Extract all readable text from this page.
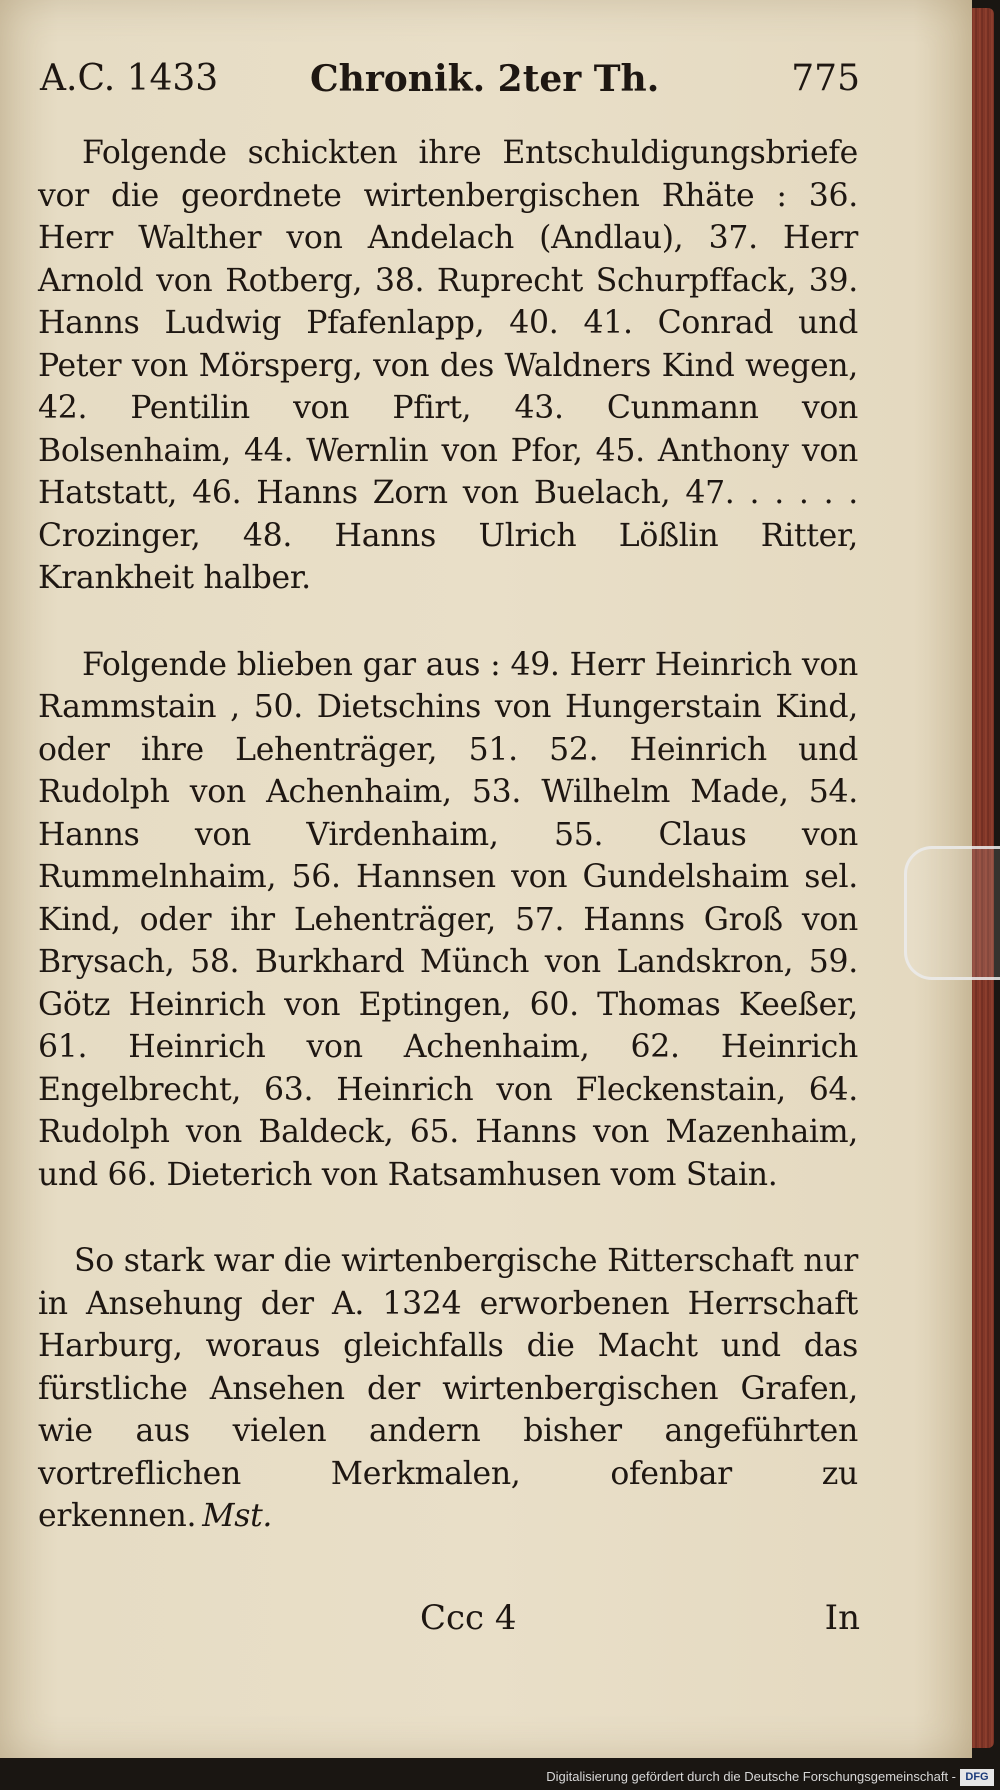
A.C. 1433	Chronik. 2ter Th.	775

Folgende schickten ihre Entschuldigungsbriefe vor die geordnete wirtenbergischen Rhäte : 36. Herr Walther von Andelach (Andlau), 37. Herr Arnold von Rotberg, 38. Ruprecht Schurpffack, 39. Hanns Ludwig Pfafenlapp, 40. 41. Conrad und Peter von Mörsperg, von des Waldners Kind wegen, 42. Pentilin von Pfirt, 43. Cunmann von Bolsenhaim, 44. Wernlin von Pfor, 45. Anthony von Hatstatt, 46. Hanns Zorn von Buelach, 47. . . . . . Crozinger, 48. Hanns Ulrich Lößlin Ritter, Krankheit halber.

Folgende blieben gar aus : 49. Herr Heinrich von Rammstain , 50. Dietschins von Hungerstain Kind, oder ihre Lehenträger, 51. 52. Heinrich und Rudolph von Achenhaim, 53. Wilhelm Made, 54. Hanns von Virdenhaim, 55. Claus von Rummelnhaim, 56. Hannsen von Gundelshaim sel. Kind, oder ihr Lehenträger, 57. Hanns Groß von Brysach, 58. Burkhard Münch von Landskron, 59. Götz Heinrich von Eptingen, 60. Thomas Keeßer, 61. Heinrich von Achenhaim, 62. Heinrich Engelbrecht, 63. Heinrich von Fleckenstain, 64. Rudolph von Baldeck, 65. Hanns von Mazenhaim, und 66. Dieterich von Ratsamhusen vom Stain.

So stark war die wirtenbergische Ritterschaft nur in Ansehung der A. 1324 erworbenen Herrschaft Harburg, woraus gleichfalls die Macht und das fürstliche Ansehen der wirtenbergischen Grafen, wie aus vielen andern bisher angeführten vortreflichen Merkmalen, ofenbar zu erkennen. Mst.

Ccc 4	In
Digitalisierung gefördert durch die Deutsche Forschungsgemeinschaft - DFG
